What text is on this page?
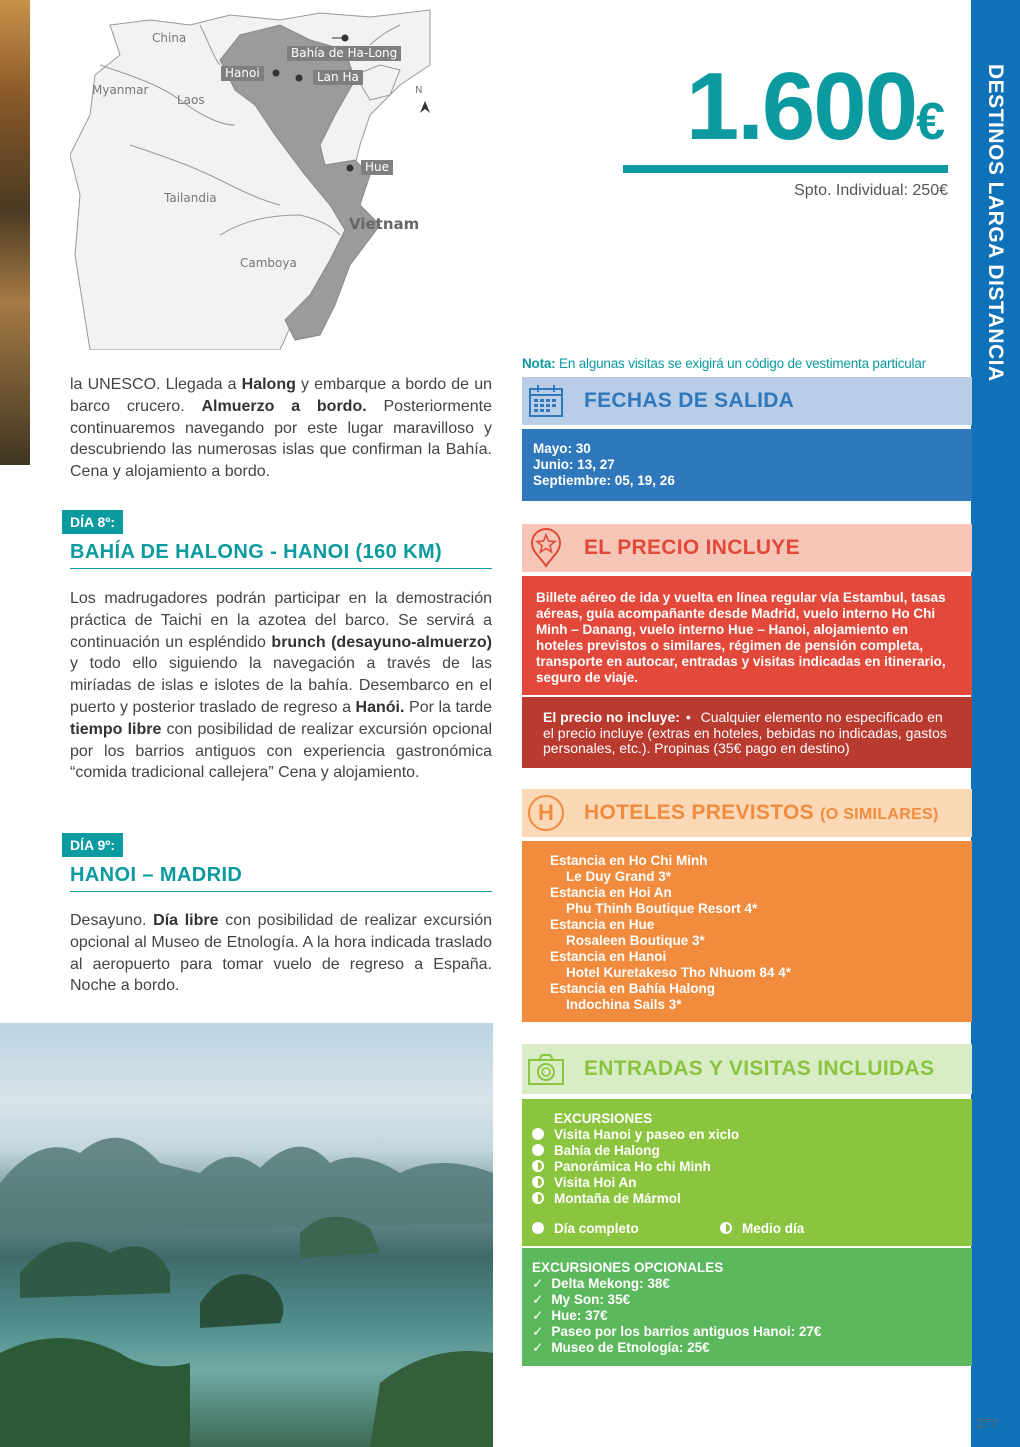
China
Myanmar
Laos
Tailandia
Camboya
Vietnam
Bahía de Ha-Long
Hanoi	Lan Ha
Hue
N	1.600€
Spto. Individual: 250€ DESTINOS LARGA DISTANCIA
277

la UNESCO. Llegada a Halong y embarque a bordo de un barco crucero. Almuerzo a bordo. Posteriormente continuaremos navegando por este lugar maravilloso y descubriendo las numerosas islas que confirman la Bahía. Cena y alojamiento a bordo.

DÍA 8º:
BAHÍA DE HALONG - HANOI (160 KM)

Los madrugadores podrán participar en la demostración práctica de Taichi en la azotea del barco. Se servirá a continuación un espléndido brunch (desayuno-almuerzo) y todo ello siguiendo la navegación a través de las miríadas de islas e islotes de la bahía. Desembarco en el puerto y posterior traslado de regreso a Hanói. Por la tarde tiempo libre con posibilidad de realizar excursión opcional por los barrios antiguos con experiencia gastronómica “comida tradicional callejera” Cena y alojamiento.

DÍA 9º:
HANOI – MADRID

Desayuno. Día libre con posibilidad de realizar excursión opcional al Museo de Etnología. A la hora indicada traslado al aeropuerto para tomar vuelo de regreso a España. Noche a bordo.

Nota: En algunas visitas se exigirá un código de vestimenta particular
FECHAS DE SALIDA
Mayo: 30
Junio: 13, 27
Septiembre: 05, 19, 26
EL PRECIO INCLUYE
Billete aéreo de ida y vuelta en línea regular vía Estambul, tasas aéreas, guía acompañante desde Madrid, vuelo interno Ho Chi Minh – Danang, vuelo interno Hue – Hanoi, alojamiento en hoteles previstos o similares, régimen de pensión completa, transporte en autocar, entradas y visitas indicadas en itinerario, seguro de viaje.
El precio no incluye: • Cualquier elemento no especificado en el precio incluye (extras en hoteles, bebidas no indicadas, gastos personales, etc.). Propinas (35€ pago en destino)
H	HOTELES PREVISTOS (O SIMILARES)
Estancia en Ho Chi Minh
Le Duy Grand 3*
Estancia en Hoi An
Phu Thinh Boutique Resort 4*
Estancia en Hue
Rosaleen Boutique 3*
Estancia en Hanoi
Hotel Kuretakeso Tho Nhuom 84 4*
Estancia en Bahía Halong
Indochina Sails 3*
ENTRADAS Y VISITAS INCLUIDAS
EXCURSIONES
Visita Hanoi y paseo en xiclo
Bahía de Halong
Panorámica Ho chi Minh
Visita Hoi An
Montaña de Mármol
Día completo	Medio día
EXCURSIONES OPCIONALES
✓ Delta Mekong: 38€
✓ My Son: 35€
✓ Hue: 37€
✓ Paseo por los barrios antiguos Hanoi: 27€
✓ Museo de Etnología: 25€
